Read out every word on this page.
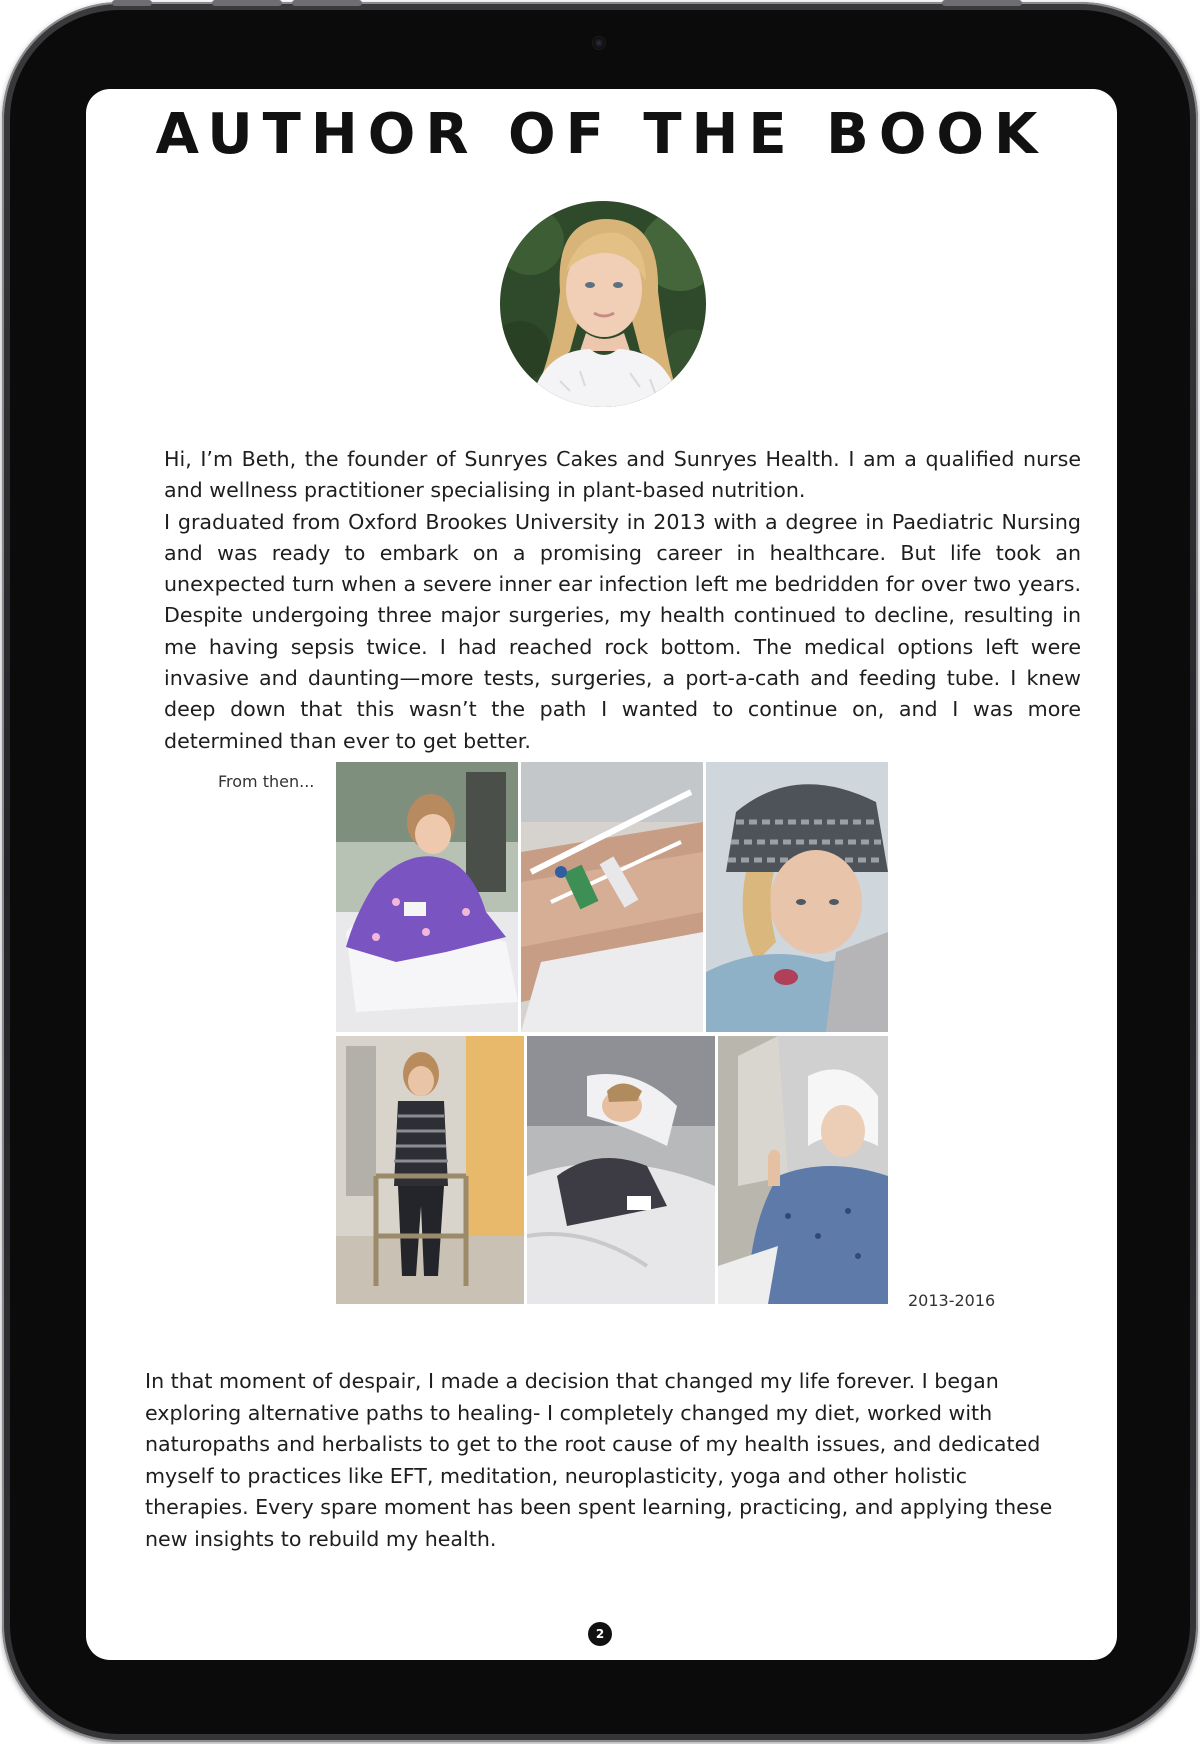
AUTHOR OF THE BOOK

Hi, I’m Beth, the founder of Sunryes Cakes and Sunryes Health. I am a qualified nurse and wellness practitioner specialising in plant-based nutrition.

I graduated from Oxford Brookes University in 2013 with a degree in Paediatric Nursing and was ready to embark on a promising career in healthcare. But life took an unexpected turn when a severe inner ear infection left me bedridden for over two years. Despite undergoing three major surgeries, my health continued to decline, resulting in me having sepsis twice. I had reached rock bottom. The medical options left were invasive and daunting—more tests, surgeries, a port-a-cath and feeding tube. I knew deep down that this wasn’t the path I wanted to continue on, and I was more determined than ever to get better.

From then...
2013-2016

In that moment of despair, I made a decision that changed my life forever. I began exploring alternative paths to healing- I completely changed my diet, worked with naturopaths and herbalists to get to the root cause of my health issues, and dedicated myself to practices like EFT, meditation, neuroplasticity, yoga and other holistic therapies. Every spare moment has been spent learning, practicing, and applying these new insights to rebuild my health.

2
